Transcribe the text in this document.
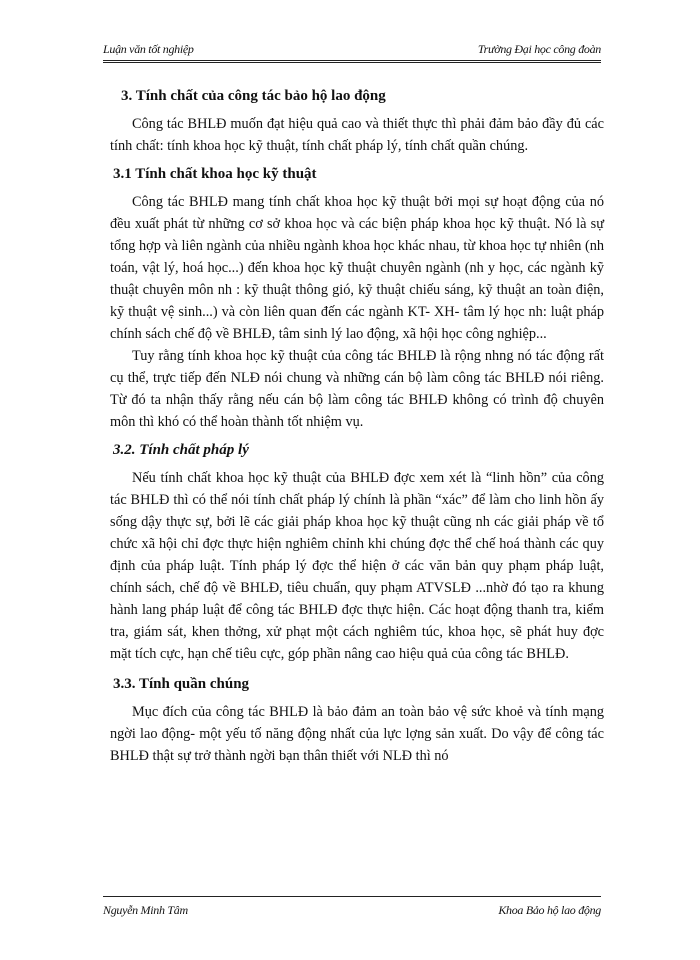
Luận văn tốt nghiệp	Trường Đại học công đoàn
3. Tính chất của công tác bảo hộ lao động

Công tác BHLĐ muốn đạt hiệu quả cao và thiết thực thì phải đảm bảo đầy đủ các tính chất: tính khoa học kỹ thuật, tính chất pháp lý, tính chất quần chúng.

3.1 Tính chất khoa học kỹ thuật

Công tác BHLĐ mang tính chất khoa học kỹ thuật bởi mọi sự hoạt động của nó đều xuất phát từ những cơ sở khoa học và các biện pháp khoa học kỹ thuật. Nó là sự tổng hợp và liên ngành của nhiều ngành khoa học khác nhau, từ khoa học tự nhiên (nh toán, vật lý, hoá học...) đến khoa học kỹ thuật chuyên ngành (nh y học, các ngành kỹ thuật chuyên môn nh : kỹ thuật thông gió, kỹ thuật chiếu sáng, kỹ thuật an toàn điện, kỹ thuật vệ sinh...) và còn liên quan đến các ngành KT- XH- tâm lý học nh: luật pháp chính sách chế độ về BHLĐ, tâm sinh lý lao động, xã hội học công nghiệp...

Tuy rằng tính khoa học kỹ thuật của công tác BHLĐ là rộng nhng nó tác động rất cụ thể, trực tiếp đến NLĐ nói chung và những cán bộ làm công tác BHLĐ nói riêng. Từ đó ta nhận thấy rằng nếu cán bộ làm công tác BHLĐ không có trình độ chuyên môn thì khó có thể hoàn thành tốt nhiệm vụ.

3.2. Tính chất pháp lý

Nếu tính chất khoa học kỹ thuật của BHLĐ đợc xem xét là “linh hồn” của công tác BHLĐ thì có thể nói tính chất pháp lý chính là phần “xác” để làm cho linh hồn ấy sống dậy thực sự, bởi lẽ các giải pháp khoa học kỹ thuật cũng nh các giải pháp về tổ chức xã hội chỉ đợc thực hiện nghiêm chỉnh khi chúng đợc thể chế hoá thành các quy định của pháp luật. Tính pháp lý đợc thể hiện ở các văn bản quy phạm pháp luật, chính sách, chế độ về BHLĐ, tiêu chuẩn, quy phạm ATVSLĐ ...nhờ đó tạo ra khung hành lang pháp luật để công tác BHLĐ đợc thực hiện. Các hoạt động thanh tra, kiểm tra, giám sát, khen thởng, xử phạt một cách nghiêm túc, khoa học, sẽ phát huy đợc mặt tích cực, hạn chế tiêu cực, góp phần nâng cao hiệu quả của công tác BHLĐ.

3.3. Tính quần chúng

Mục đích của công tác BHLĐ là bảo đảm an toàn bảo vệ sức khoẻ và tính mạng ngời lao động- một yếu tố năng động nhất của lực lợng sản xuất. Do vậy để công tác BHLĐ thật sự trở thành ngời bạn thân thiết với NLĐ thì nó

Nguyễn Minh Tâm	Khoa Bảo hộ lao động
